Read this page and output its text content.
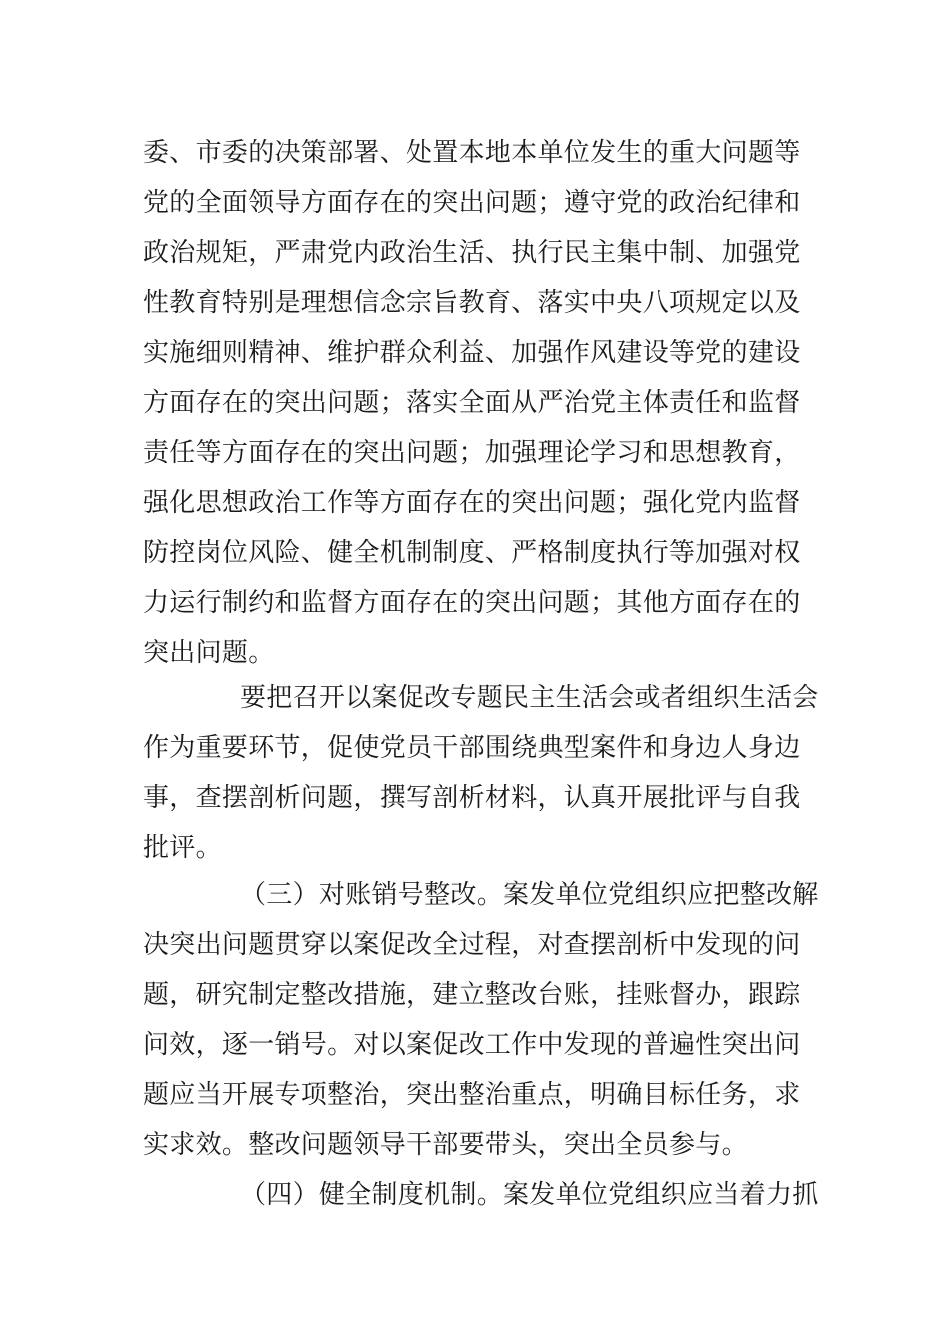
委、市委的决策部署、处置本地本单位发生的重大问题等
党的全面领导方面存在的突出问题；遵守党的政治纪律和
政治规矩，严肃党内政治生活、执行民主集中制、加强党
性教育特别是理想信念宗旨教育、落实中央八项规定以及
实施细则精神、维护群众利益、加强作风建设等党的建设
方面存在的突出问题；落实全面从严治党主体责任和监督
责任等方面存在的突出问题；加强理论学习和思想教育，
强化思想政治工作等方面存在的突出问题；强化党内监督
防控岗位风险、健全机制制度、严格制度执行等加强对权
力运行制约和监督方面存在的突出问题；其他方面存在的
突出问题。
要把召开以案促改专题民主生活会或者组织生活会
作为重要环节，促使党员干部围绕典型案件和身边人身边
事，查摆剖析问题，撰写剖析材料，认真开展批评与自我
批评。
（三）对账销号整改。案发单位党组织应把整改解
决突出问题贯穿以案促改全过程，对查摆剖析中发现的问
题，研究制定整改措施，建立整改台账，挂账督办，跟踪
问效，逐一销号。对以案促改工作中发现的普遍性突出问
题应当开展专项整治，突出整治重点，明确目标任务，求
实求效。整改问题领导干部要带头，突出全员参与。
（四）健全制度机制。案发单位党组织应当着力抓
